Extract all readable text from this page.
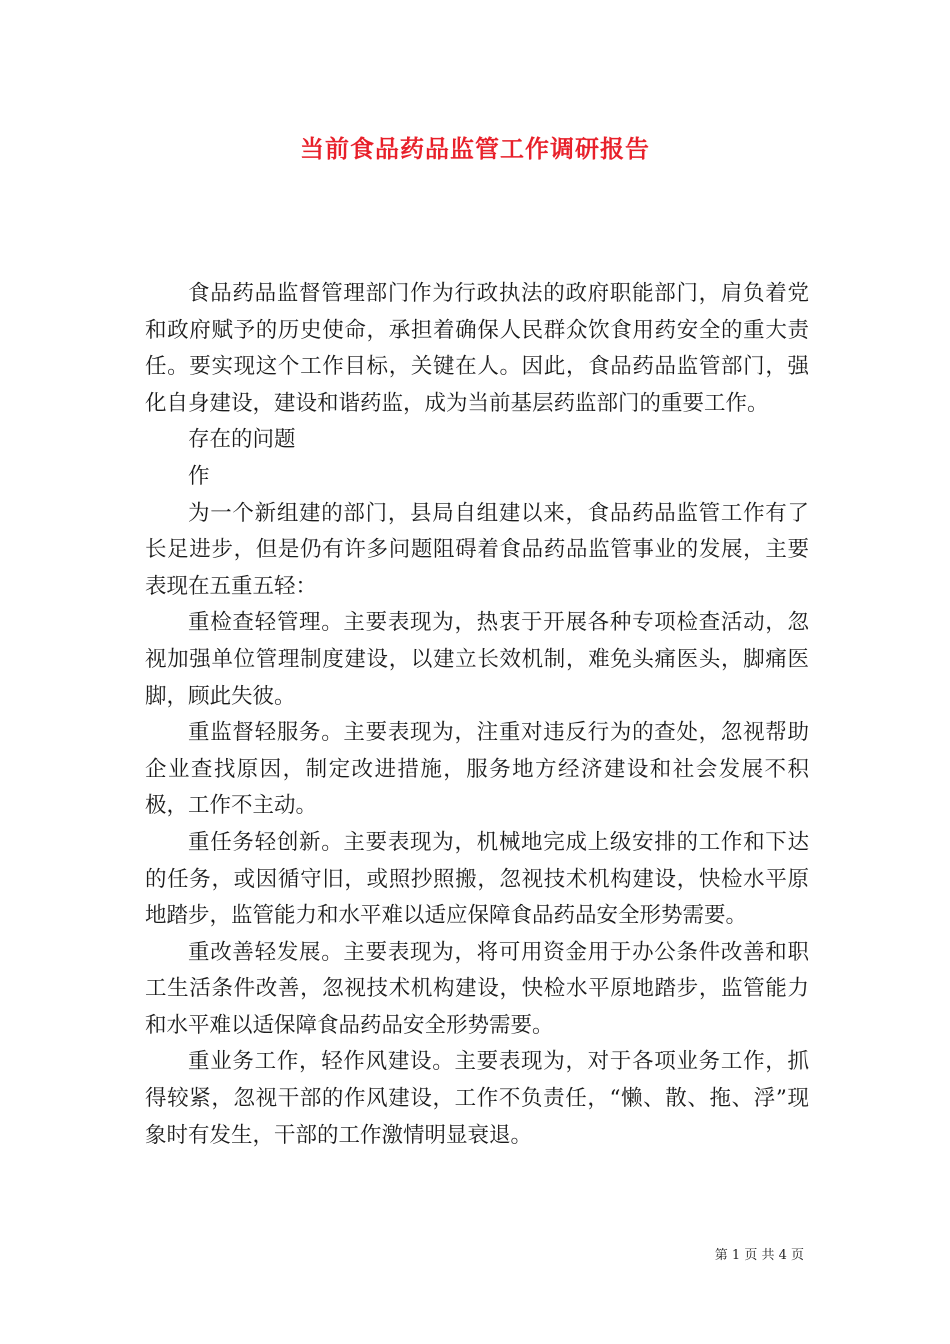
当前食品药品监管工作调研报告

食品药品监督管理部门作为行政执法的政府职能部门，肩负着党和政府赋予的历史使命，承担着确保人民群众饮食用药安全的重大责任。要实现这个工作目标，关键在人。因此，食品药品监管部门，强化自身建设，建设和谐药监，成为当前基层药监部门的重要工作。

存在的问题

作

为一个新组建的部门，县局自组建以来，食品药品监管工作有了长足进步，但是仍有许多问题阻碍着食品药品监管事业的发展，主要表现在五重五轻：

重检查轻管理。主要表现为，热衷于开展各种专项检查活动，忽视加强单位管理制度建设，以建立长效机制，难免头痛医头，脚痛医脚，顾此失彼。

重监督轻服务。主要表现为，注重对违反行为的查处，忽视帮助企业查找原因，制定改进措施，服务地方经济建设和社会发展不积极，工作不主动。

重任务轻创新。主要表现为，机械地完成上级安排的工作和下达的任务，或因循守旧，或照抄照搬，忽视技术机构建设，快检水平原地踏步，监管能力和水平难以适应保障食品药品安全形势需要。

重改善轻发展。主要表现为，将可用资金用于办公条件改善和职工生活条件改善，忽视技术机构建设，快检水平原地踏步，监管能力和水平难以适保障食品药品安全形势需要。

重业务工作，轻作风建设。主要表现为，对于各项业务工作，抓得较紧，忽视干部的作风建设，工作不负责任，“懒、散、拖、浮”现象时有发生，干部的工作激情明显衰退。

第 1 页 共 4 页
